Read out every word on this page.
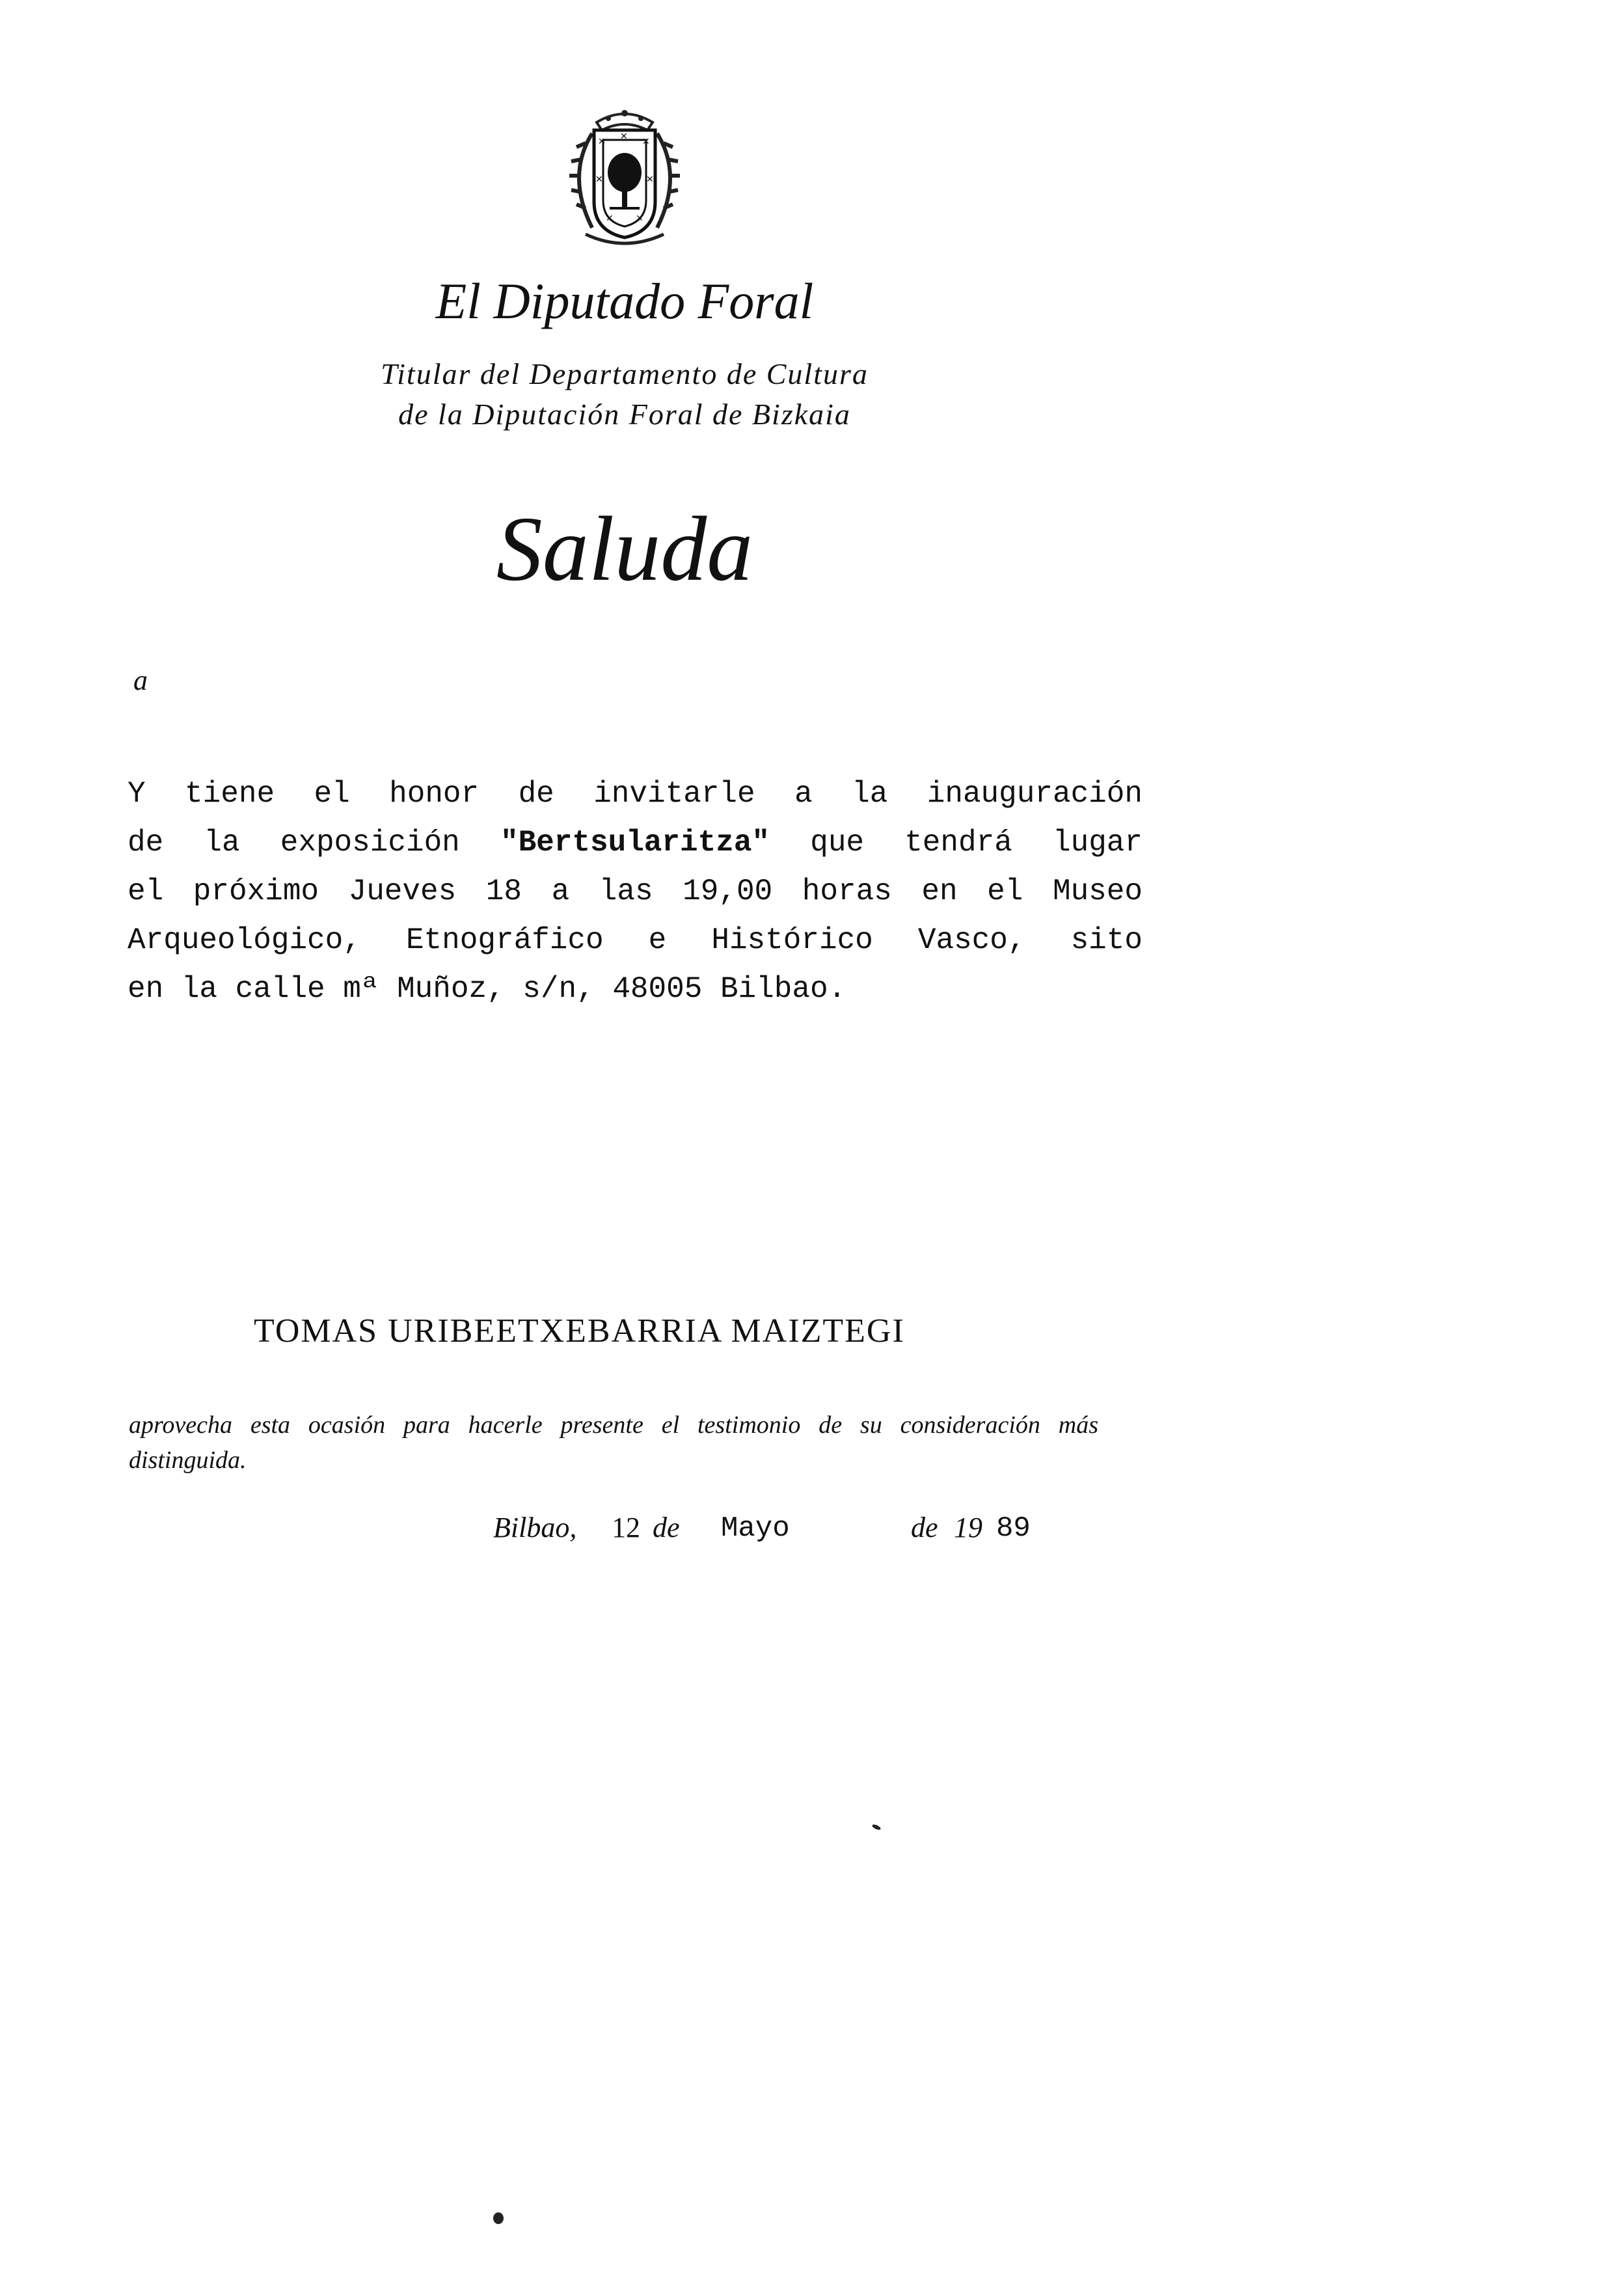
✕ ✕ ✕
✕	✕
✕ ✕
El Diputado Foral
Titular del Departamento de Cultura
de la Diputación Foral de Bizkaia
Saluda
a
Y tiene el honor de invitarle a la inauguración
de la exposición "Bertsularitza" que tendrá lugar
el próximo Jueves 18 a las 19,00 horas en el Museo
Arqueológico, Etnográfico e Histórico Vasco, sito
en la calle mª Muñoz, s/n, 48005 Bilbao.
TOMAS URIBEETXEBARRIA MAIZTEGI
aprovecha esta ocasión para hacerle presente el testimonio de su consideración más
distinguida.
Bilbao, 12 de Mayo	de 19 89
